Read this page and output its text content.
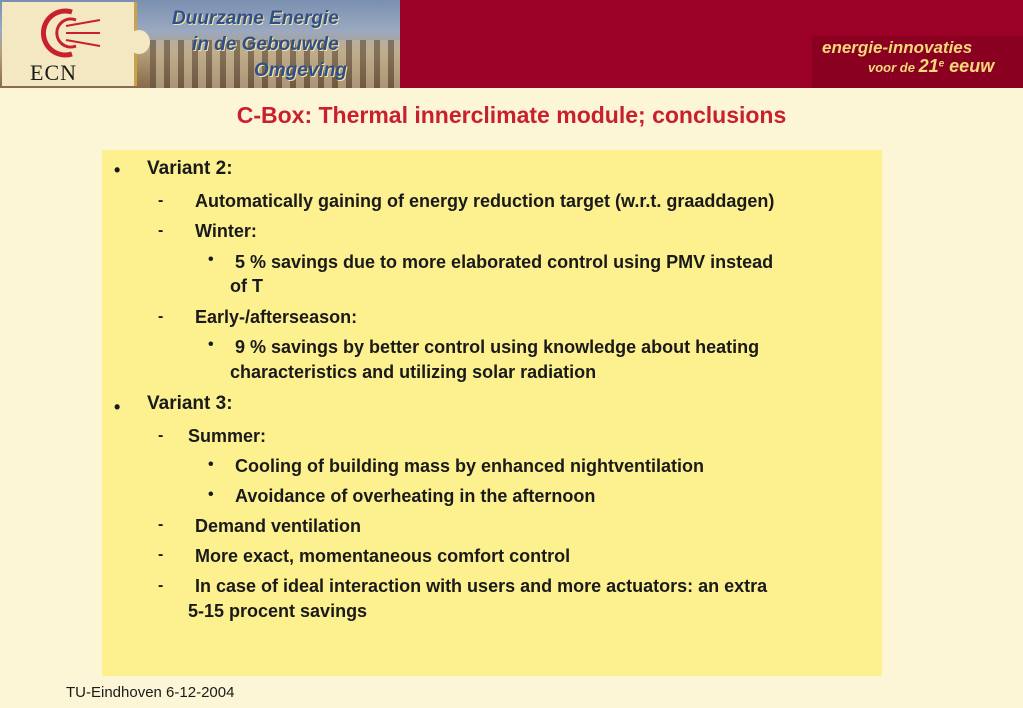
Duurzame Energie
in de Gebouwde
Omgeving
ECN
energie-innovaties
voor de 21e eeuw
C-Box: Thermal innerclimate module; conclusions
• Variant 2:
- Automatically gaining of energy reduction target (w.r.t. graaddagen)
- Winter:
• 5 % savings due to more elaborated control using PMV instead
of T
- Early-/afterseason:
• 9 % savings by better control using knowledge about heating
characteristics and utilizing solar radiation
• Variant 3:
- Summer:
• Cooling of building mass by enhanced nightventilation
• Avoidance of overheating in the afternoon
- Demand ventilation
- More exact, momentaneous comfort control
- In case of ideal interaction with users and more actuators: an extra
5-15 procent savings
TU-Eindhoven 6-12-2004
